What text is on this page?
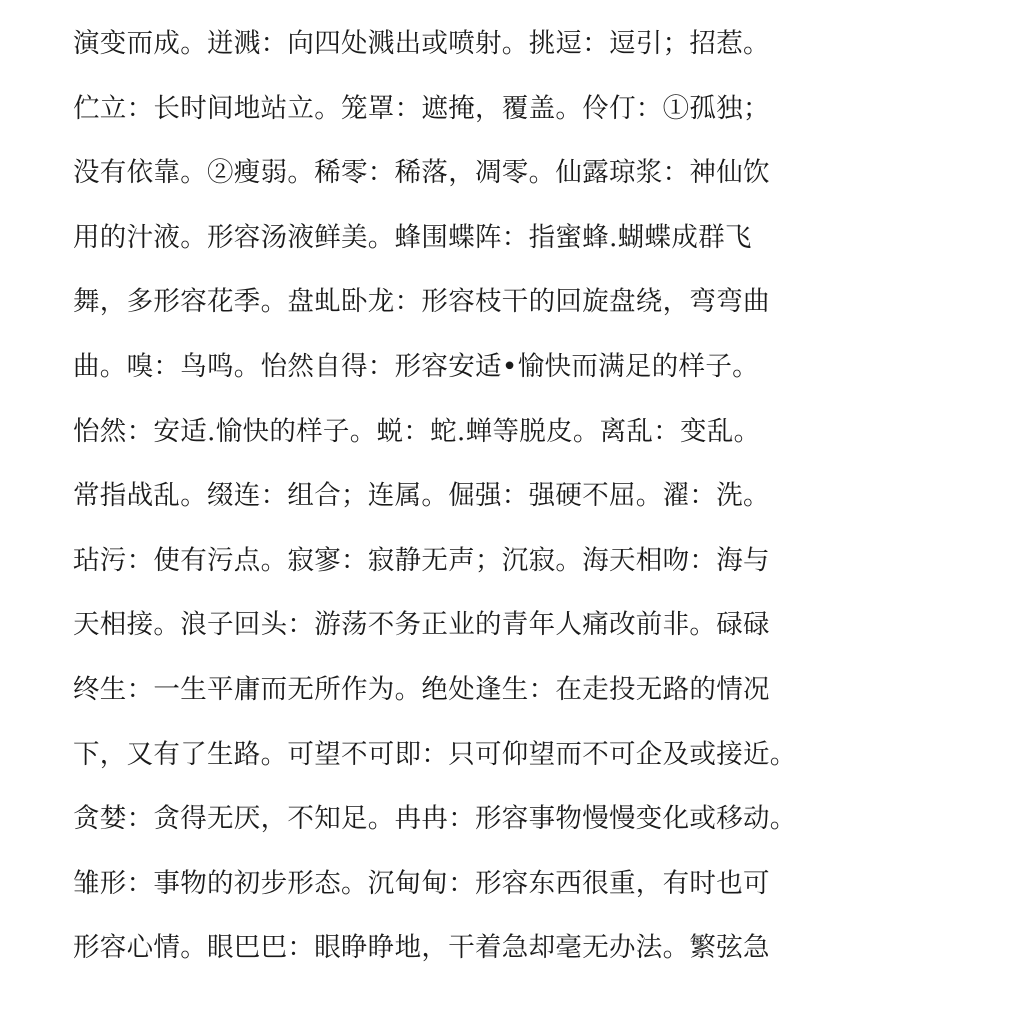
演变而成。迸溅：向四处溅出或喷射。挑逗：逗引；招惹。
伫立：长时间地站立。笼罩：遮掩，覆盖。伶仃：①孤独；
没有依靠。②瘦弱。稀零：稀落，凋零。仙露琼浆：神仙饮
用的汁液。形容汤液鲜美。蜂围蝶阵：指蜜蜂.蝴蝶成群飞
舞，多形容花季。盘虬卧龙：形容枝干的回旋盘绕，弯弯曲
曲。嗅：鸟鸣。怡然自得：形容安适•愉快而满足的样子。
怡然：安适.愉快的样子。蜕：蛇.蝉等脱皮。离乱：变乱。
常指战乱。缀连：组合；连属。倔强：强硬不屈。濯：洗。
玷污：使有污点。寂寥：寂静无声；沉寂。海天相吻：海与
天相接。浪子回头：游荡不务正业的青年人痛改前非。碌碌
终生：一生平庸而无所作为。绝处逢生：在走投无路的情况
下，又有了生路。可望不可即：只可仰望而不可企及或接近。
贪婪：贪得无厌，不知足。冉冉：形容事物慢慢变化或移动。
雏形：事物的初步形态。沉甸甸：形容东西很重，有时也可
形容心情。眼巴巴：眼睁睁地，干着急却毫无办法。繁弦急
